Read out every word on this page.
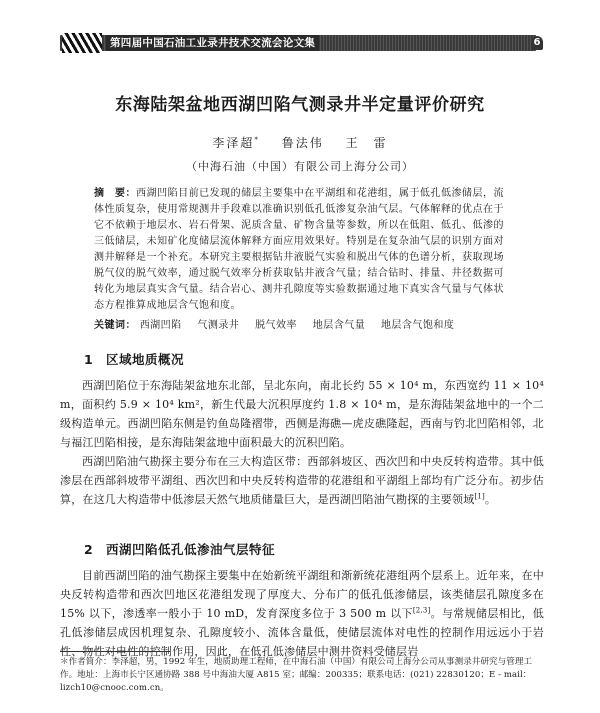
第四届中国石油工业录井技术交流会论文集	6
东海陆架盆地西湖凹陷气测录井半定量评价研究
李泽超* 鲁法伟 王　雷
（中海石油（中国）有限公司上海分公司）
摘　要：西湖凹陷目前已发现的储层主要集中在平湖组和花港组，属于低孔低渗储层，流体性质复杂，使用常规测井手段难以准确识别低孔低渗复杂油气层。气体解释的优点在于它不依赖于地层水、岩石骨架、泥质含量、矿物含量等参数，所以在低阻、低孔、低渗的三低储层，未知矿化度储层流体解释方面应用效果好。特别是在复杂油气层的识别方面对测井解释是一个补充。本研究主要根据钻井液脱气实验和脱出气体的色谱分析，获取现场脱气仪的脱气效率，通过脱气效率分析获取钻井液含气量；结合钻时、排量、井径数据可转化为地层真实含气量。结合岩心、测井孔隙度等实验数据通过地下真实含气量与气体状态方程推算成地层含气饱和度。
关键词： 西湖凹陷 气测录井 脱气效率 地层含气量 地层含气饱和度
1 区域地质概况
西湖凹陷位于东海陆架盆地东北部，呈北东向，南北长约 55 × 10⁴ m，东西宽约 11 × 10⁴ m，面积约 5.9 × 10⁴ km²，新生代最大沉积厚度约 1.8 × 10⁴ m，是东海陆架盆地中的一个二级构造单元。西湖凹陷东侧是钓鱼岛隆褶带，西侧是海礁—虎皮礁隆起，西南与钓北凹陷相邻，北与福江凹陷相接，是东海陆架盆地中面积最大的沉积凹陷。
西湖凹陷油气勘探主要分布在三大构造区带：西部斜坡区、西次凹和中央反转构造带。其中低渗层在西部斜坡带平湖组、西次凹和中央反转构造带的花港组和平湖组上部均有广泛分布。初步估算，在这几大构造带中低渗层天然气地质储量巨大，是西湖凹陷油气勘探的主要领域[1]。
2 西湖凹陷低孔低渗油气层特征
目前西湖凹陷的油气勘探主要集中在始新统平湖组和渐新统花港组两个层系上。近年来，在中央反转构造带和西次凹地区花港组发现了厚度大、分布广的低孔低渗储层，该类储层孔隙度多在 15% 以下，渗透率一般小于 10 mD，发育深度多位于 3 500 m 以下[2,3]。与常规储层相比，低孔低渗储层成因机理复杂、孔隙度较小、流体含量低，使储层流体对电性的控制作用远远小于岩性、物性对电性的控制作用，因此，在低孔低渗储层中测井资料受储层岩
＊作者简介：李泽超，男，1992 年生，地质助理工程师，在中海石油（中国）有限公司上海分公司从事测录井研究与管理工作。地址：上海市长宁区通协路 388 号中海油大厦 A815 室；邮编：200335；联系电话：(021) 22830120；E - mail：lizch10@cnooc.com.cn。
